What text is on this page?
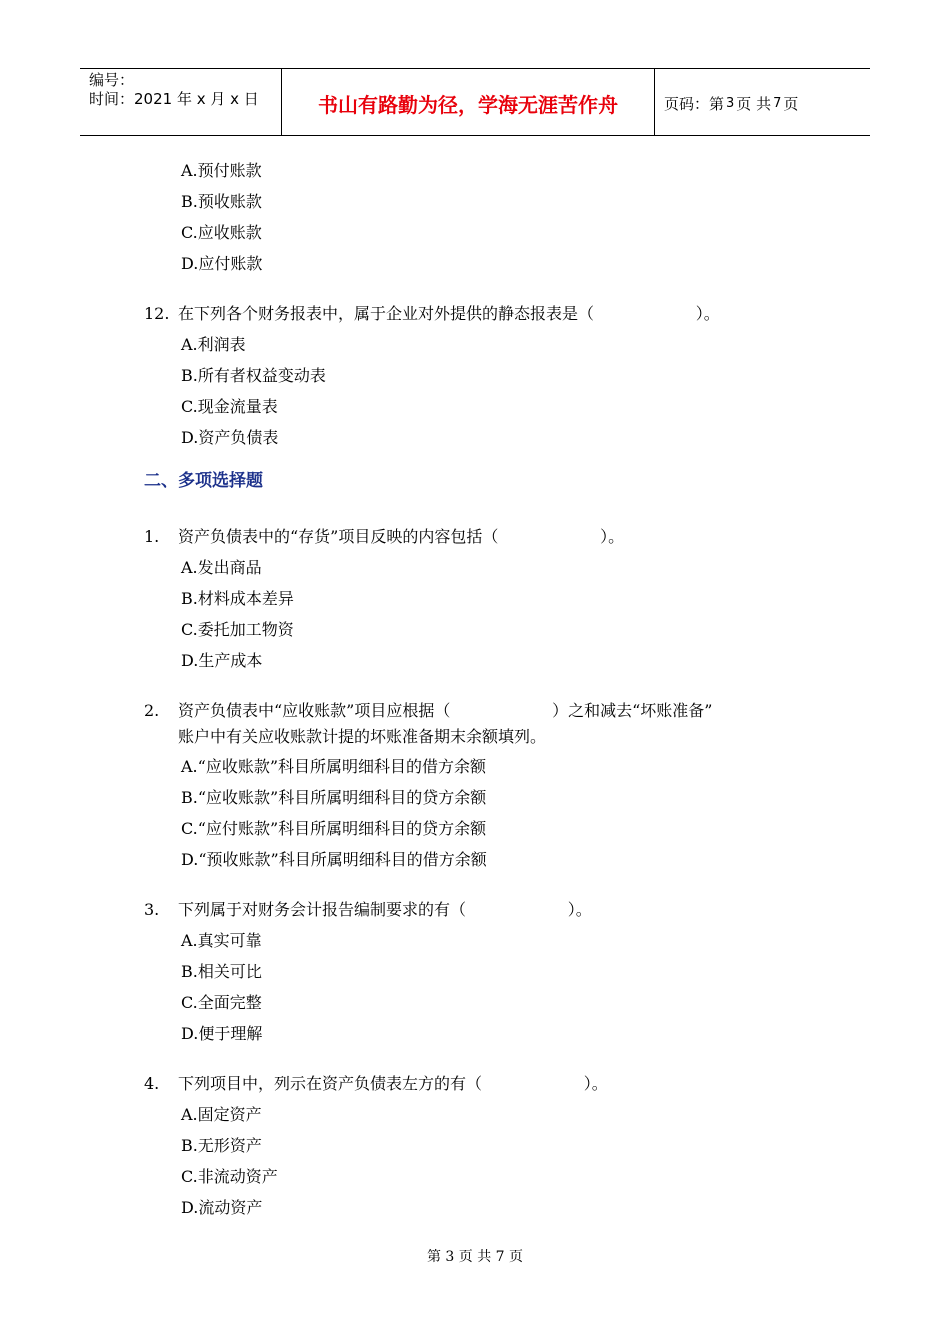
编号：
时间：2021 年 x 月 x 日	书山有路勤为径，学海无涯苦作舟	页码：第 3 页 共 7 页
A.预付账款
B.预收账款
C.应收账款
D.应付账款
12. 在下列各个财务报表中，属于企业对外提供的静态报表是（                    ）。
A.利润表
B.所有者权益变动表
C.现金流量表
D.资产负债表
二、多项选择题
1. 资产负债表中的“存货”项目反映的内容包括（                    ）。
A.发出商品
B.材料成本差异
C.委托加工物资
D.生产成本
2. 资产负债表中“应收账款”项目应根据（                    ）之和减去“坏账准备”
账户中有关应收账款计提的坏账准备期末余额填列。
A.“应收账款”科目所属明细科目的借方余额
B.“应收账款”科目所属明细科目的贷方余额
C.“应付账款”科目所属明细科目的贷方余额
D.“预收账款”科目所属明细科目的借方余额
3. 下列属于对财务会计报告编制要求的有（                    ）。
A.真实可靠
B.相关可比
C.全面完整
D.便于理解
4. 下列项目中，列示在资产负债表左方的有（                    ）。
A.固定资产
B.无形资产
C.非流动资产
D.流动资产
第 3 页 共 7 页
